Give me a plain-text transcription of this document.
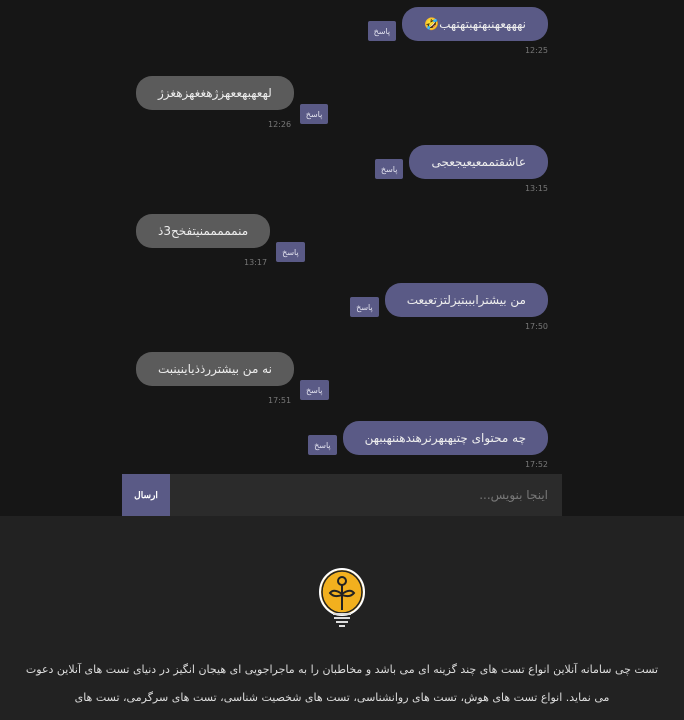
پاسخ	نهههعهنبهتهبتهتهب🤣
12:25
لهعهبهععهزژهغغهزهغزژ
پاسخ
12:26
پاسخ	عاشقتممعیعیجعجی
13:15
منمممممنیتفخح3ذ
پاسخ
13:17
پاسخ	من بیشترابببتیزلتزتعیعت
17:50
نه من بیشتررذذیاینینبت
پاسخ
17:51
پاسخ	چه محتوای چتیهبهرنرهندهننهببهن
17:52
ارسال
اینجا بنویس...

تست چی سامانه آنلاین انواع تست های چند گزینه ای می باشد و مخاطبان را به ماجراجویی ای هیجان انگیز در دنیای تست های آنلاین دعوت می نماید. انواع تست های هوش، تست های روانشناسی، تست های شخصیت شناسی، تست های سرگرمی، تست های
